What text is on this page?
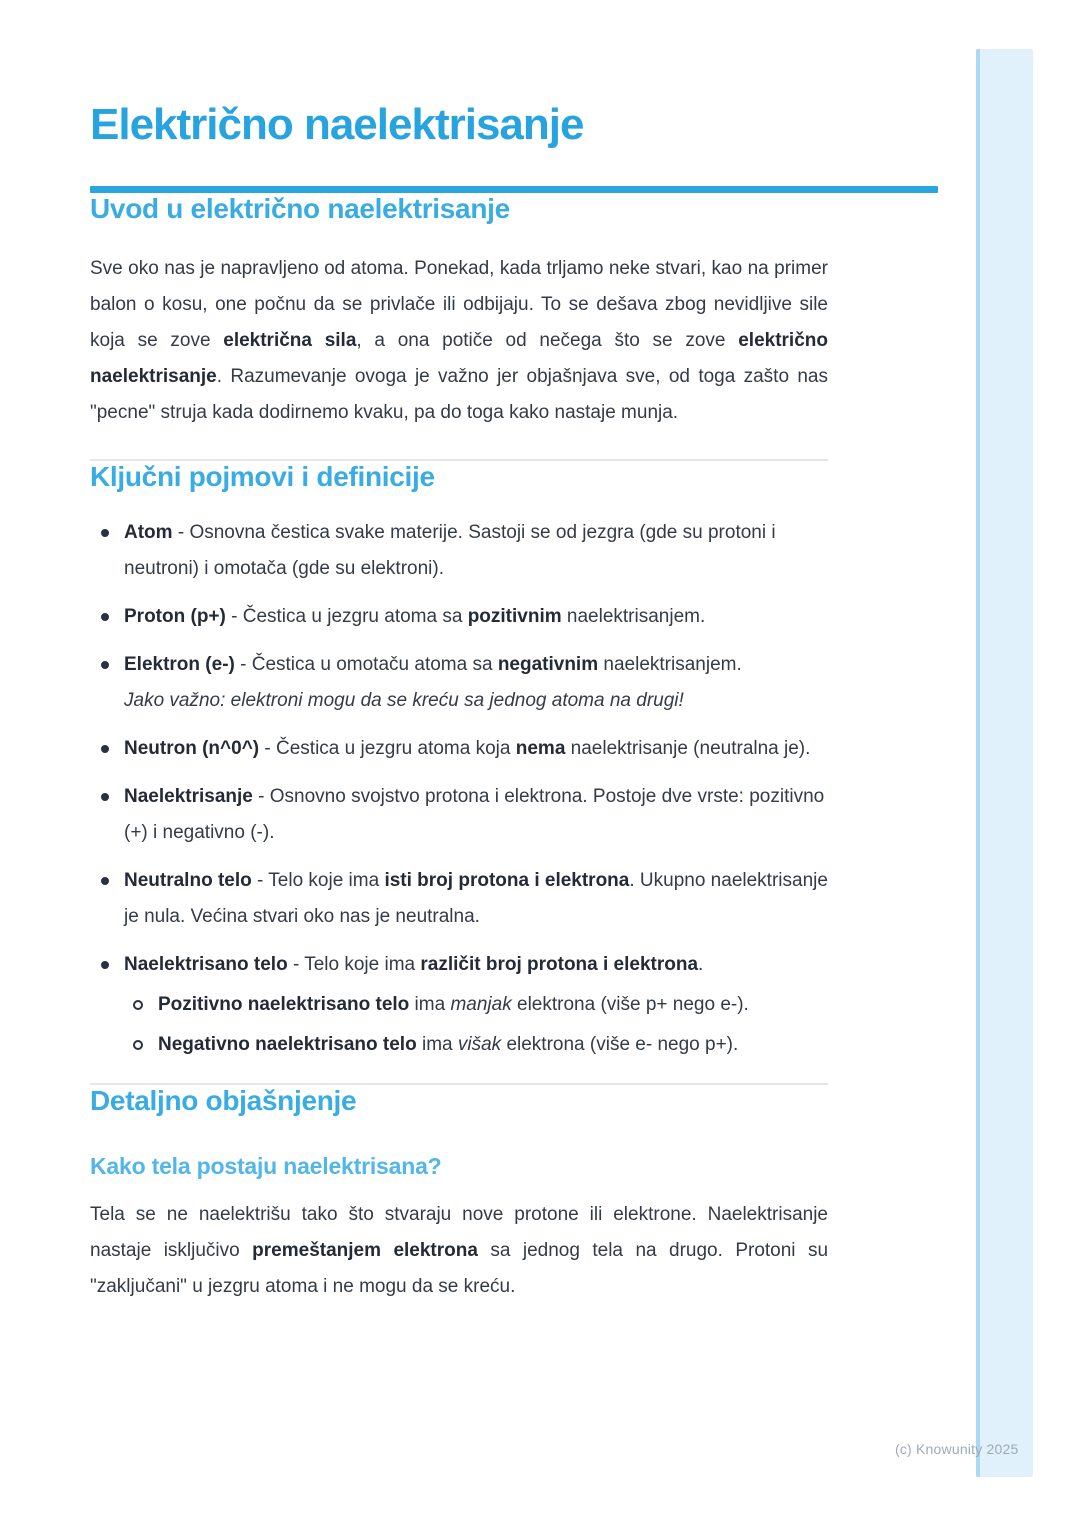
(c) Knowunity 2025
Električno naelektrisanje
Uvod u električno naelektrisanje

Sve oko nas je napravljeno od atoma. Ponekad, kada trljamo neke stvari, kao na primer balon o kosu, one počnu da se privlače ili odbijaju. To se dešava zbog nevidljive sile koja se zove električna sila, a ona potiče od nečega što se zove električno naelektrisanje. Razumevanje ovoga je važno jer objašnjava sve, od toga zašto nas "pecne" struja kada dodirnemo kvaku, pa do toga kako nastaje munja.

Ključni pojmovi i definicije
Atom - Osnovna čestica svake materije. Sastoji se od jezgra (gde su protoni i neutroni) i omotača (gde su elektroni).
Proton (p+) - Čestica u jezgru atoma sa pozitivnim naelektrisanjem.
Elektron (e-) - Čestica u omotaču atoma sa negativnim naelektrisanjem.
Jako važno: elektroni mogu da se kreću sa jednog atoma na drugi!
Neutron (n^0^) - Čestica u jezgru atoma koja nema naelektrisanje (neutralna je).
Naelektrisanje - Osnovno svojstvo protona i elektrona. Postoje dve vrste: pozitivno (+) i negativno (-).
Neutralno telo - Telo koje ima isti broj protona i elektrona. Ukupno naelektrisanje je nula. Većina stvari oko nas je neutralna.
Naelektrisano telo - Telo koje ima različit broj protona i elektrona.
Pozitivno naelektrisano telo ima manjak elektrona (više p+ nego e-).
Negativno naelektrisano telo ima višak elektrona (više e- nego p+).
Detaljno objašnjenje
Kako tela postaju naelektrisana?

Tela se ne naelektrišu tako što stvaraju nove protone ili elektrone. Naelektrisanje nastaje isključivo premeštanjem elektrona sa jednog tela na drugo. Protoni su "zaključani" u jezgru atoma i ne mogu da se kreću.
